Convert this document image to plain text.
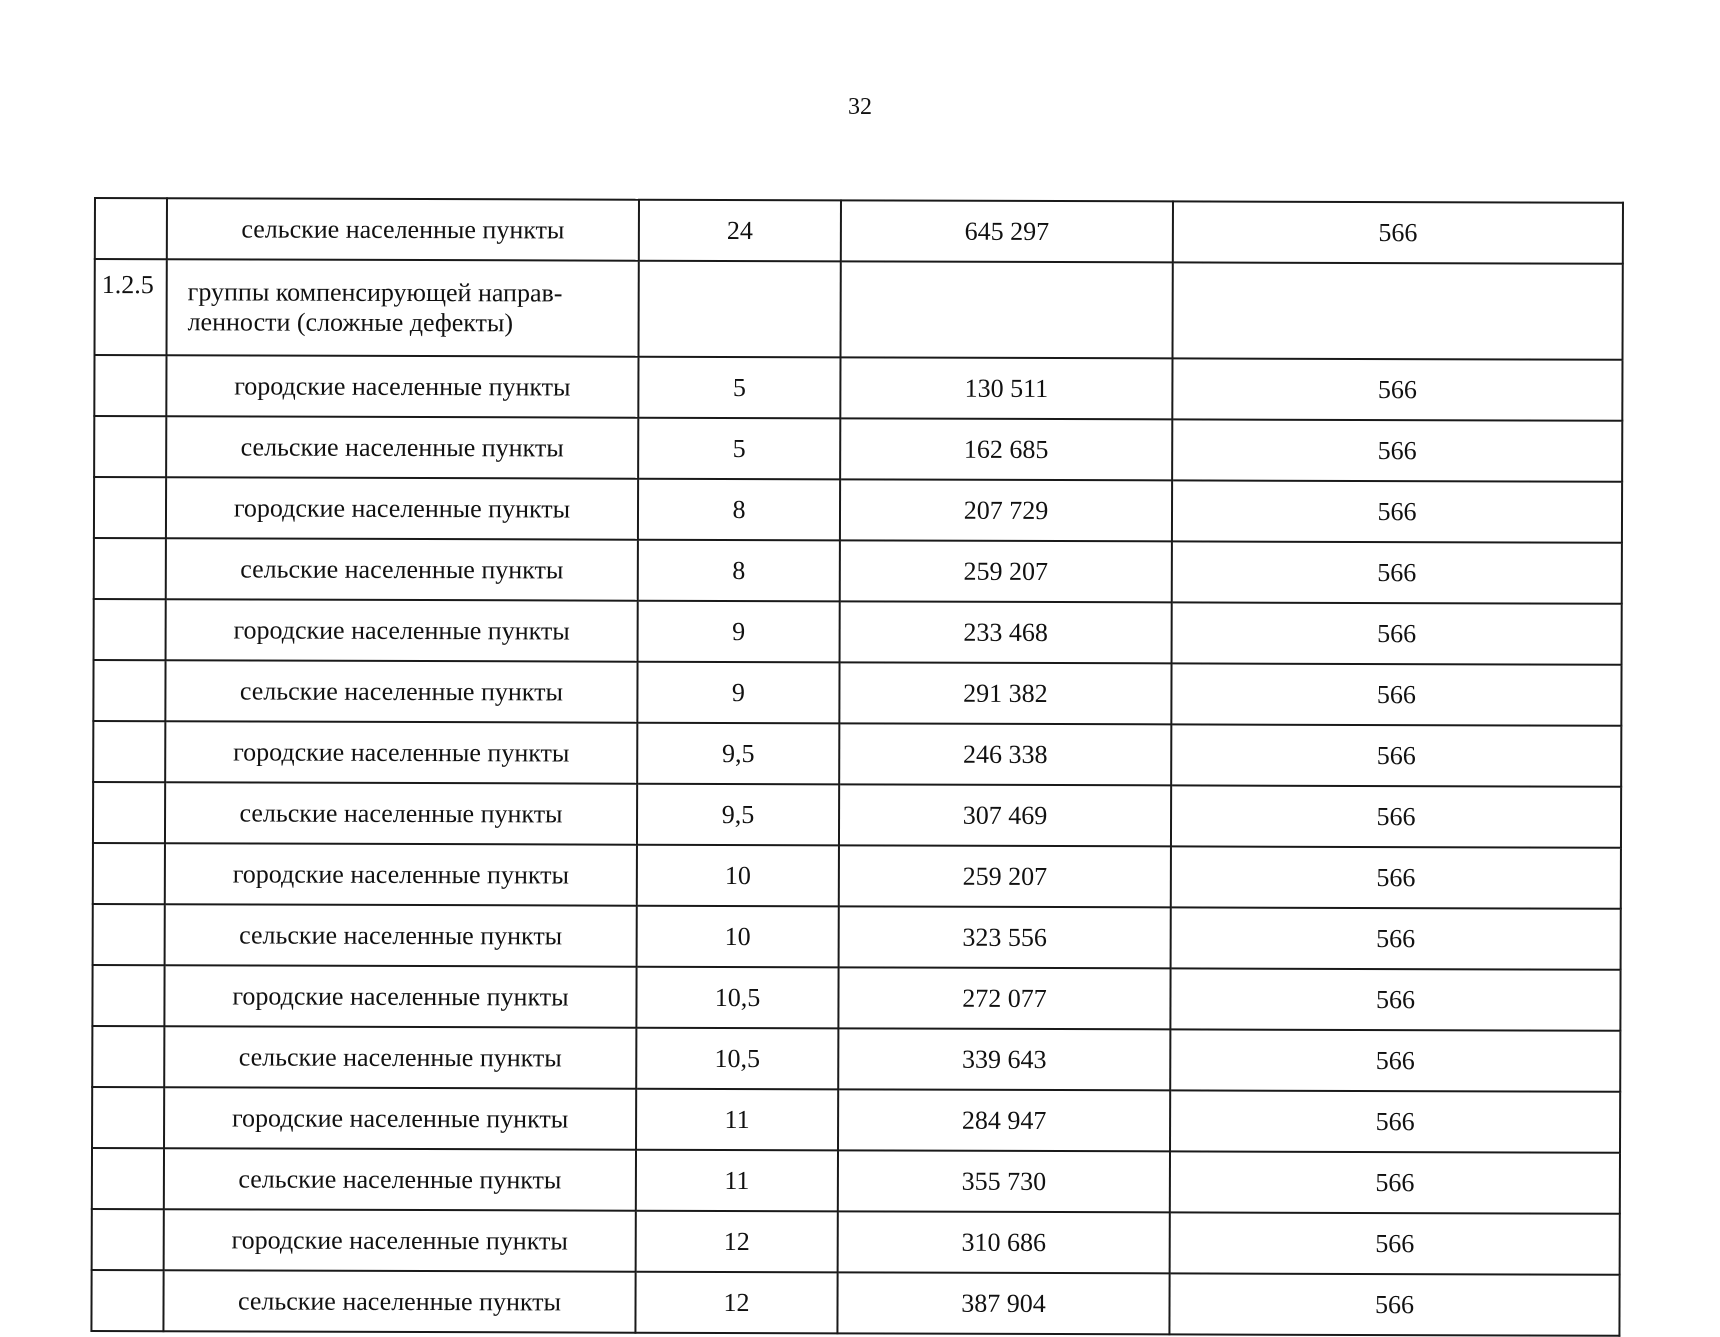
32
	сельские населенные пункты	24	645 297	566
1.2.5	группы компенсирующей направ-ленности (сложные дефекты)			
	городские населенные пункты	5	130 511	566
	сельские населенные пункты	5	162 685	566
	городские населенные пункты	8	207 729	566
	сельские населенные пункты	8	259 207	566
	городские населенные пункты	9	233 468	566
	сельские населенные пункты	9	291 382	566
	городские населенные пункты	9,5	246 338	566
	сельские населенные пункты	9,5	307 469	566
	городские населенные пункты	10	259 207	566
	сельские населенные пункты	10	323 556	566
	городские населенные пункты	10,5	272 077	566
	сельские населенные пункты	10,5	339 643	566
	городские населенные пункты	11	284 947	566
	сельские населенные пункты	11	355 730	566
	городские населенные пункты	12	310 686	566
	сельские населенные пункты	12	387 904	566
